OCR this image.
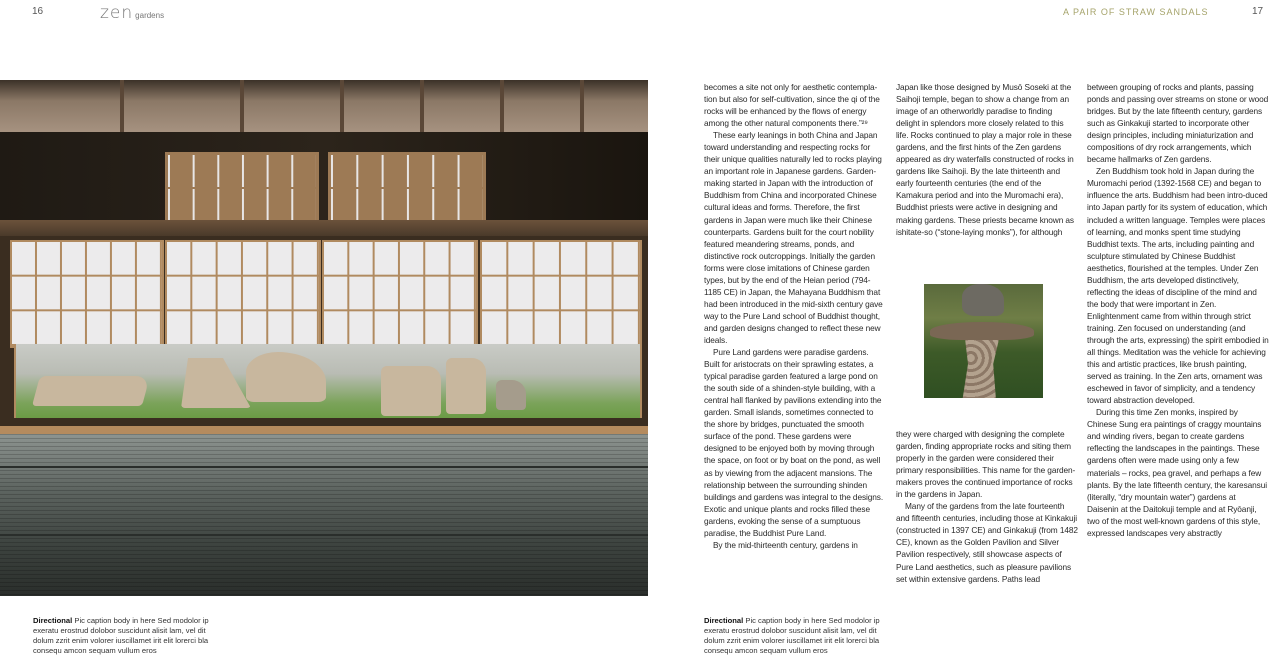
16	zen gardens	A PAIR OF STRAW SANDALS	17
Directional Pic caption body in here Sed modolor ip exeratu erostrud dolobor suscidunt alisit lam, vel dit dolum zzrit enim volorer iuscillamet irit elit lorerci bla consequ amcon sequam vullum eros

becomes a site not only for aesthetic contempla-tion but also for self-cultivation, since the qi of the rocks will be enhanced by the flows of energy among the other natural components there.”²⁹

These early leanings in both China and Japan toward understanding and respecting rocks for their unique qualities naturally led to rocks playing an important role in Japanese gardens. Garden-making started in Japan with the introduction of Buddhism from China and incorporated Chinese cultural ideas and forms. Therefore, the first gardens in Japan were much like their Chinese counterparts. Gardens built for the court nobility featured meandering streams, ponds, and distinctive rock outcroppings. Initially the garden forms were close imitations of Chinese garden types, but by the end of the Heian period (794-1185 CE) in Japan, the Mahayana Buddhism that had been introduced in the mid-sixth century gave way to the Pure Land school of Buddhist thought, and garden designs changed to reflect these new ideals.

Pure Land gardens were paradise gardens. Built for aristocrats on their sprawling estates, a typical paradise garden featured a large pond on the south side of a shinden-style building, with a central hall flanked by pavilions extending into the garden. Small islands, sometimes connected to the shore by bridges, punctuated the smooth surface of the pond. These gardens were designed to be enjoyed both by moving through the space, on foot or by boat on the pond, as well as by viewing from the adjacent mansions. The relationship between the surrounding shinden buildings and gardens was integral to the designs. Exotic and unique plants and rocks filled these gardens, evoking the sense of a sumptuous paradise, the Buddhist Pure Land.

By the mid-thirteenth century, gardens in

Japan like those designed by Musō Soseki at the Saihoji temple, began to show a change from an image of an otherworldly paradise to finding delight in splendors more closely related to this life. Rocks continued to play a major role in these gardens, and the first hints of the Zen gardens appeared as dry waterfalls constructed of rocks in gardens like Saihoji. By the late thirteenth and early fourteenth centuries (the end of the Kamakura period and into the Muromachi era), Buddhist priests were active in designing and making gardens. These priests became known as ishitate-so (“stone-laying monks”), for although

they were charged with designing the complete garden, finding appropriate rocks and siting them properly in the garden were considered their primary responsibilities. This name for the garden-makers proves the continued importance of rocks in the gardens in Japan.

Many of the gardens from the late fourteenth and fifteenth centuries, including those at Kinkakuji (constructed in 1397 CE) and Ginkakuji (from 1482 CE), known as the Golden Pavilion and Silver Pavilion respectively, still showcase aspects of Pure Land aesthetics, such as pleasure pavilions set within extensive gardens. Paths lead

between grouping of rocks and plants, passing ponds and passing over streams on stone or wood bridges. But by the late fifteenth century, gardens such as Ginkakuji started to incorporate other design principles, including miniaturization and compositions of dry rock arrangements, which became hallmarks of Zen gardens.

Zen Buddhism took hold in Japan during the Muromachi period (1392-1568 CE) and began to influence the arts. Buddhism had been intro-duced into Japan partly for its system of education, which included a written language. Temples were places of learning, and monks spent time studying Buddhist texts. The arts, including painting and sculpture stimulated by Chinese Buddhist aesthetics, flourished at the temples. Under Zen Buddhism, the arts developed distinctively, reflecting the ideas of discipline of the mind and the body that were important in Zen. Enlightenment came from within through strict training. Zen focused on understanding (and through the arts, expressing) the spirit embodied in all things. Meditation was the vehicle for achieving this and artistic practices, like brush painting, served as training. In the Zen arts, ornament was eschewed in favor of simplicity, and a tendency toward abstraction developed.

During this time Zen monks, inspired by Chinese Sung era paintings of craggy mountains and winding rivers, began to create gardens reflecting the landscapes in the paintings. These gardens often were made using only a few materials – rocks, pea gravel, and perhaps a few plants. By the late fifteenth century, the karesansui (literally, “dry mountain water”) gardens at Daisenin at the Daitokuji temple and at Ryōanji, two of the most well-known gardens of this style, expressed landscapes very abstractly

Directional Pic caption body in here Sed modolor ip exeratu erostrud dolobor suscidunt alisit lam, vel dit dolum zzrit enim volorer iuscillamet irit elit lorerci bla consequ amcon sequam vullum eros
